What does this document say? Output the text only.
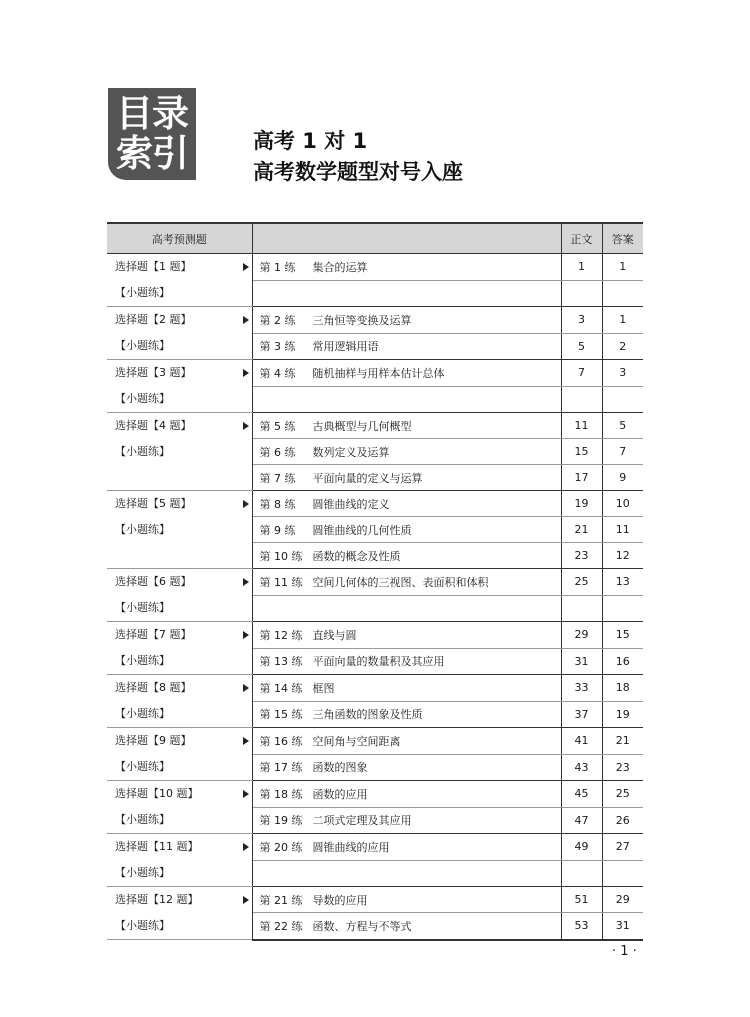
目录
索引	高考 1 对 1
高考数学题型对号入座
高考预测题		正文	答案

选择题【1 题】
【小题练】	第 1 练 集合的运算	1	1

选择题【2 题】
【小题练】	第 2 练 三角恒等变换及运算	3	1
	第 3 练 常用逻辑用语	5	2

选择题【3 题】
【小题练】	第 4 练 随机抽样与用样本估计总体	7	3

选择题【4 题】
【小题练】	第 5 练 古典概型与几何概型	11	5
	第 6 练 数列定义及运算	15	7
	第 7 练 平面向量的定义与运算	17	9

选择题【5 题】
【小题练】	第 8 练 圆锥曲线的定义	19	10
	第 9 练 圆锥曲线的几何性质	21	11
	第 10 练 函数的概念及性质	23	12

选择题【6 题】
【小题练】	第 11 练 空间几何体的三视图、表面积和体积	25	13

选择题【7 题】
【小题练】	第 12 练 直线与圆	29	15
	第 13 练 平面向量的数量积及其应用	31	16

选择题【8 题】
【小题练】	第 14 练 框图	33	18
	第 15 练 三角函数的图象及性质	37	19

选择题【9 题】
【小题练】	第 16 练 空间角与空间距离	41	21
	第 17 练 函数的图象	43	23

选择题【10 题】
【小题练】	第 18 练 函数的应用	45	25
	第 19 练 二项式定理及其应用	47	26

选择题【11 题】
【小题练】	第 20 练 圆锥曲线的应用	49	27

选择题【12 题】
【小题练】	第 21 练 导数的应用	51	29
	第 22 练 函数、方程与不等式	53	31
· 1 ·
